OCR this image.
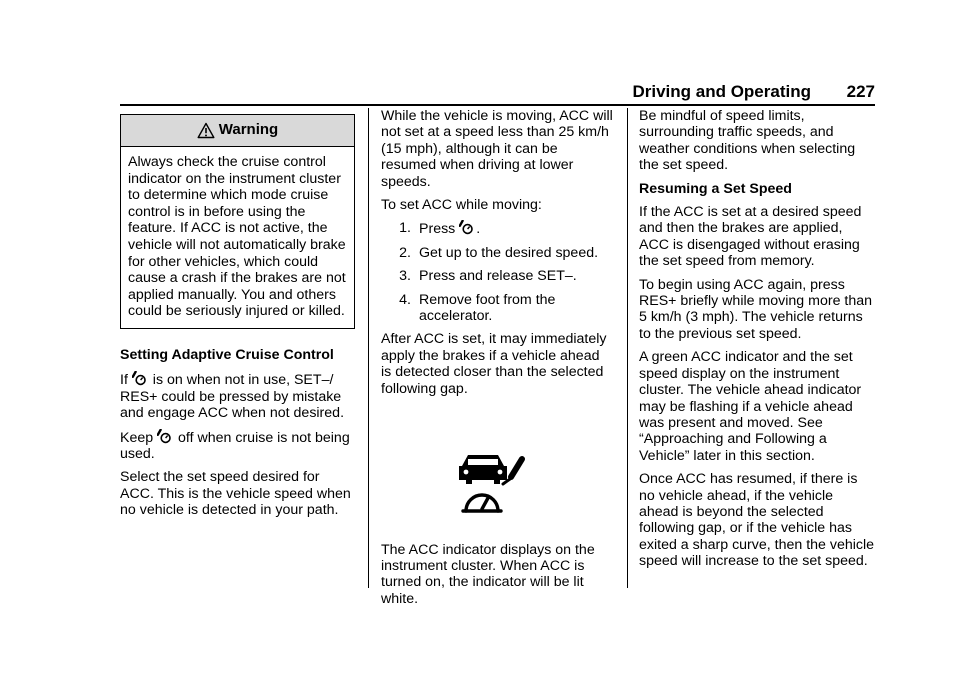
Driving and Operating 227
Warning
Always check the cruise control indicator on the instrument cluster to determine which mode cruise control is in before using the feature. If ACC is not active, the vehicle will not automatically brake for other vehicles, which could cause a crash if the brakes are not applied manually. You and others could be seriously injured or killed.

Setting Adaptive Cruise Control

If is on when not in use, SET–/ RES+ could be pressed by mistake and engage ACC when not desired.

Keep off when cruise is not being used.

Select the set speed desired for ACC. This is the vehicle speed when no vehicle is detected in your path.

While the vehicle is moving, ACC will not set at a speed less than 25 km/h (15 mph), although it can be resumed when driving at lower speeds.

To set ACC while moving:

1. Press .
2. Get up to the desired speed.
3. Press and release SET–.
4. Remove foot from the accelerator.

After ACC is set, it may immediately apply the brakes if a vehicle ahead is detected closer than the selected following gap.

The ACC indicator displays on the instrument cluster. When ACC is turned on, the indicator will be lit white.

Be mindful of speed limits, surrounding traffic speeds, and weather conditions when selecting the set speed.

Resuming a Set Speed

If the ACC is set at a desired speed and then the brakes are applied, ACC is disengaged without erasing the set speed from memory.

To begin using ACC again, press RES+ briefly while moving more than 5 km/h (3 mph). The vehicle returns to the previous set speed.

A green ACC indicator and the set speed display on the instrument cluster. The vehicle ahead indicator may be flashing if a vehicle ahead was present and moved. See “Approaching and Following a Vehicle” later in this section.

Once ACC has resumed, if there is no vehicle ahead, if the vehicle ahead is beyond the selected following gap, or if the vehicle has exited a sharp curve, then the vehicle speed will increase to the set speed.
